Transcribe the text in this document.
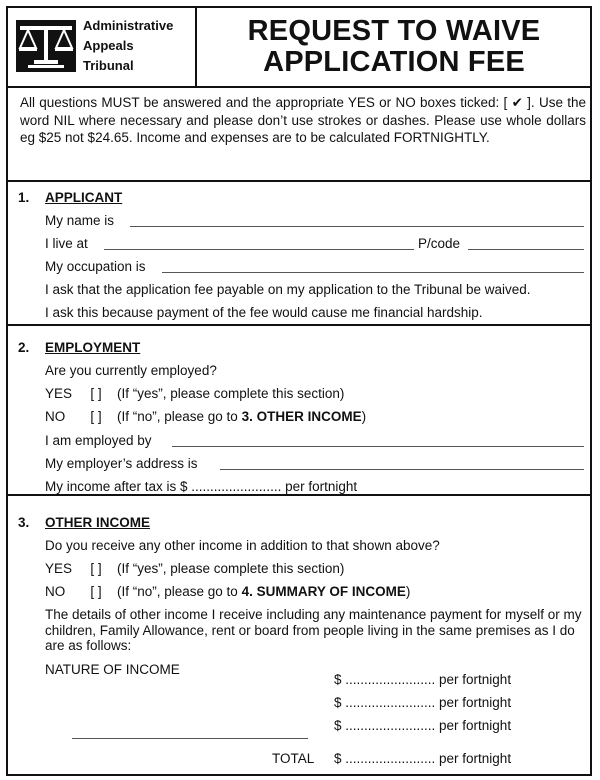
Administrative
Appeals
Tribunal
REQUEST TO WAIVE
APPLICATION FEE
All questions MUST be answered and the appropriate YES or NO boxes ticked: [ ✔ ]. Use the word NIL where necessary and please don’t use strokes or dashes. Please use whole dollars eg $25 not $24.65. Income and expenses are to be calculated FORTNIGHTLY.
1. APPLICANT
My name is
I live at	P/code
My occupation is
I ask that the application fee payable on my application to the Tribunal be waived.
I ask this because payment of the fee would cause me financial hardship.
2. EMPLOYMENT
Are you currently employed?
YES [ ] (If “yes”, please complete this section)
NO [ ] (If “no”, please go to 3. OTHER INCOME)
I am employed by
My employer’s address is
My income after tax is $ ........................ per fortnight
3. OTHER INCOME
Do you receive any other income in addition to that shown above?
YES [ ] (If “yes”, please complete this section)
NO [ ] (If “no”, please go to 4. SUMMARY OF INCOME)
The details of other income I receive including any maintenance payment for myself or my children, Family Allowance, rent or board from people living in the same premises as I do are as follows:
NATURE OF INCOME
$ ........................ per fortnight
$ ........................ per fortnight
$ ........................ per fortnight
TOTAL $ ........................ per fortnight
